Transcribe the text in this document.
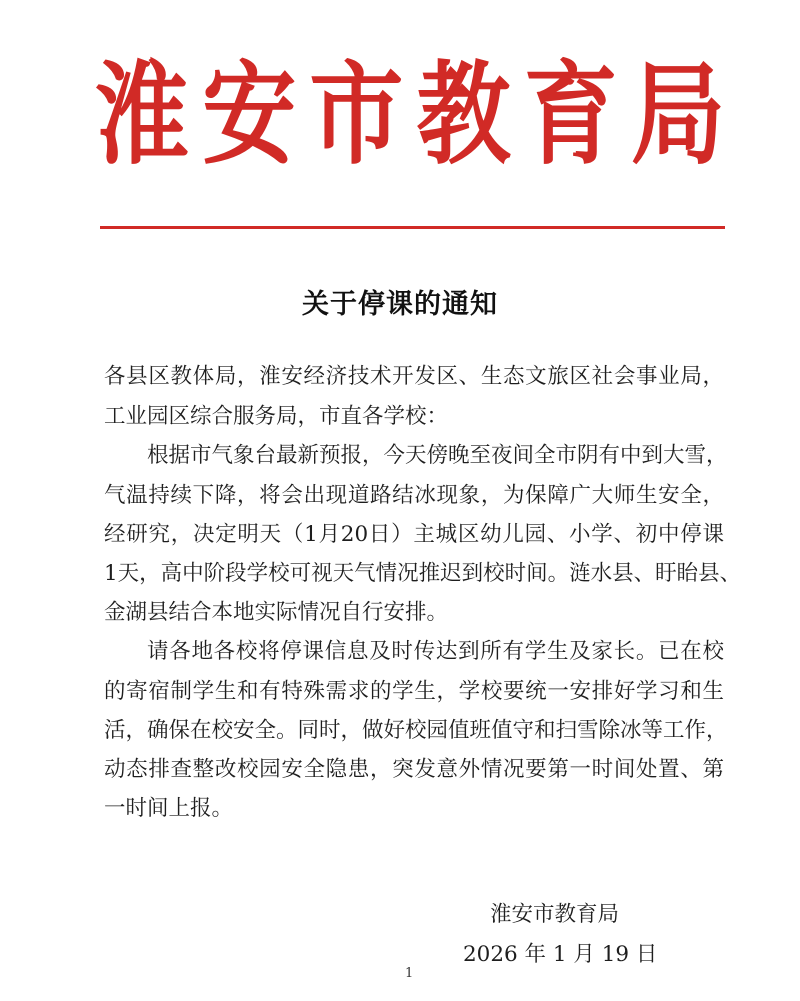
淮 安 市 教 育 局
关于停课的通知
各县区教体局，淮安经济技术开发区、生态文旅区社会事业局，
工业园区综合服务局，市直各学校：
根据市气象台最新预报，今天傍晚至夜间全市阴有中到大雪，
气温持续下降，将会出现道路结冰现象，为保障广大师生安全，
经研究，决定明天（1月20日）主城区幼儿园、小学、初中停课
1天，高中阶段学校可视天气情况推迟到校时间。涟水县、盱眙县、
金湖县结合本地实际情况自行安排。
请各地各校将停课信息及时传达到所有学生及家长。已在校
的寄宿制学生和有特殊需求的学生，学校要统一安排好学习和生
活，确保在校安全。同时，做好校园值班值守和扫雪除冰等工作，
动态排查整改校园安全隐患，突发意外情况要第一时间处置、第
一时间上报。
淮安市教育局
2026 年 1 月 19 日
1
